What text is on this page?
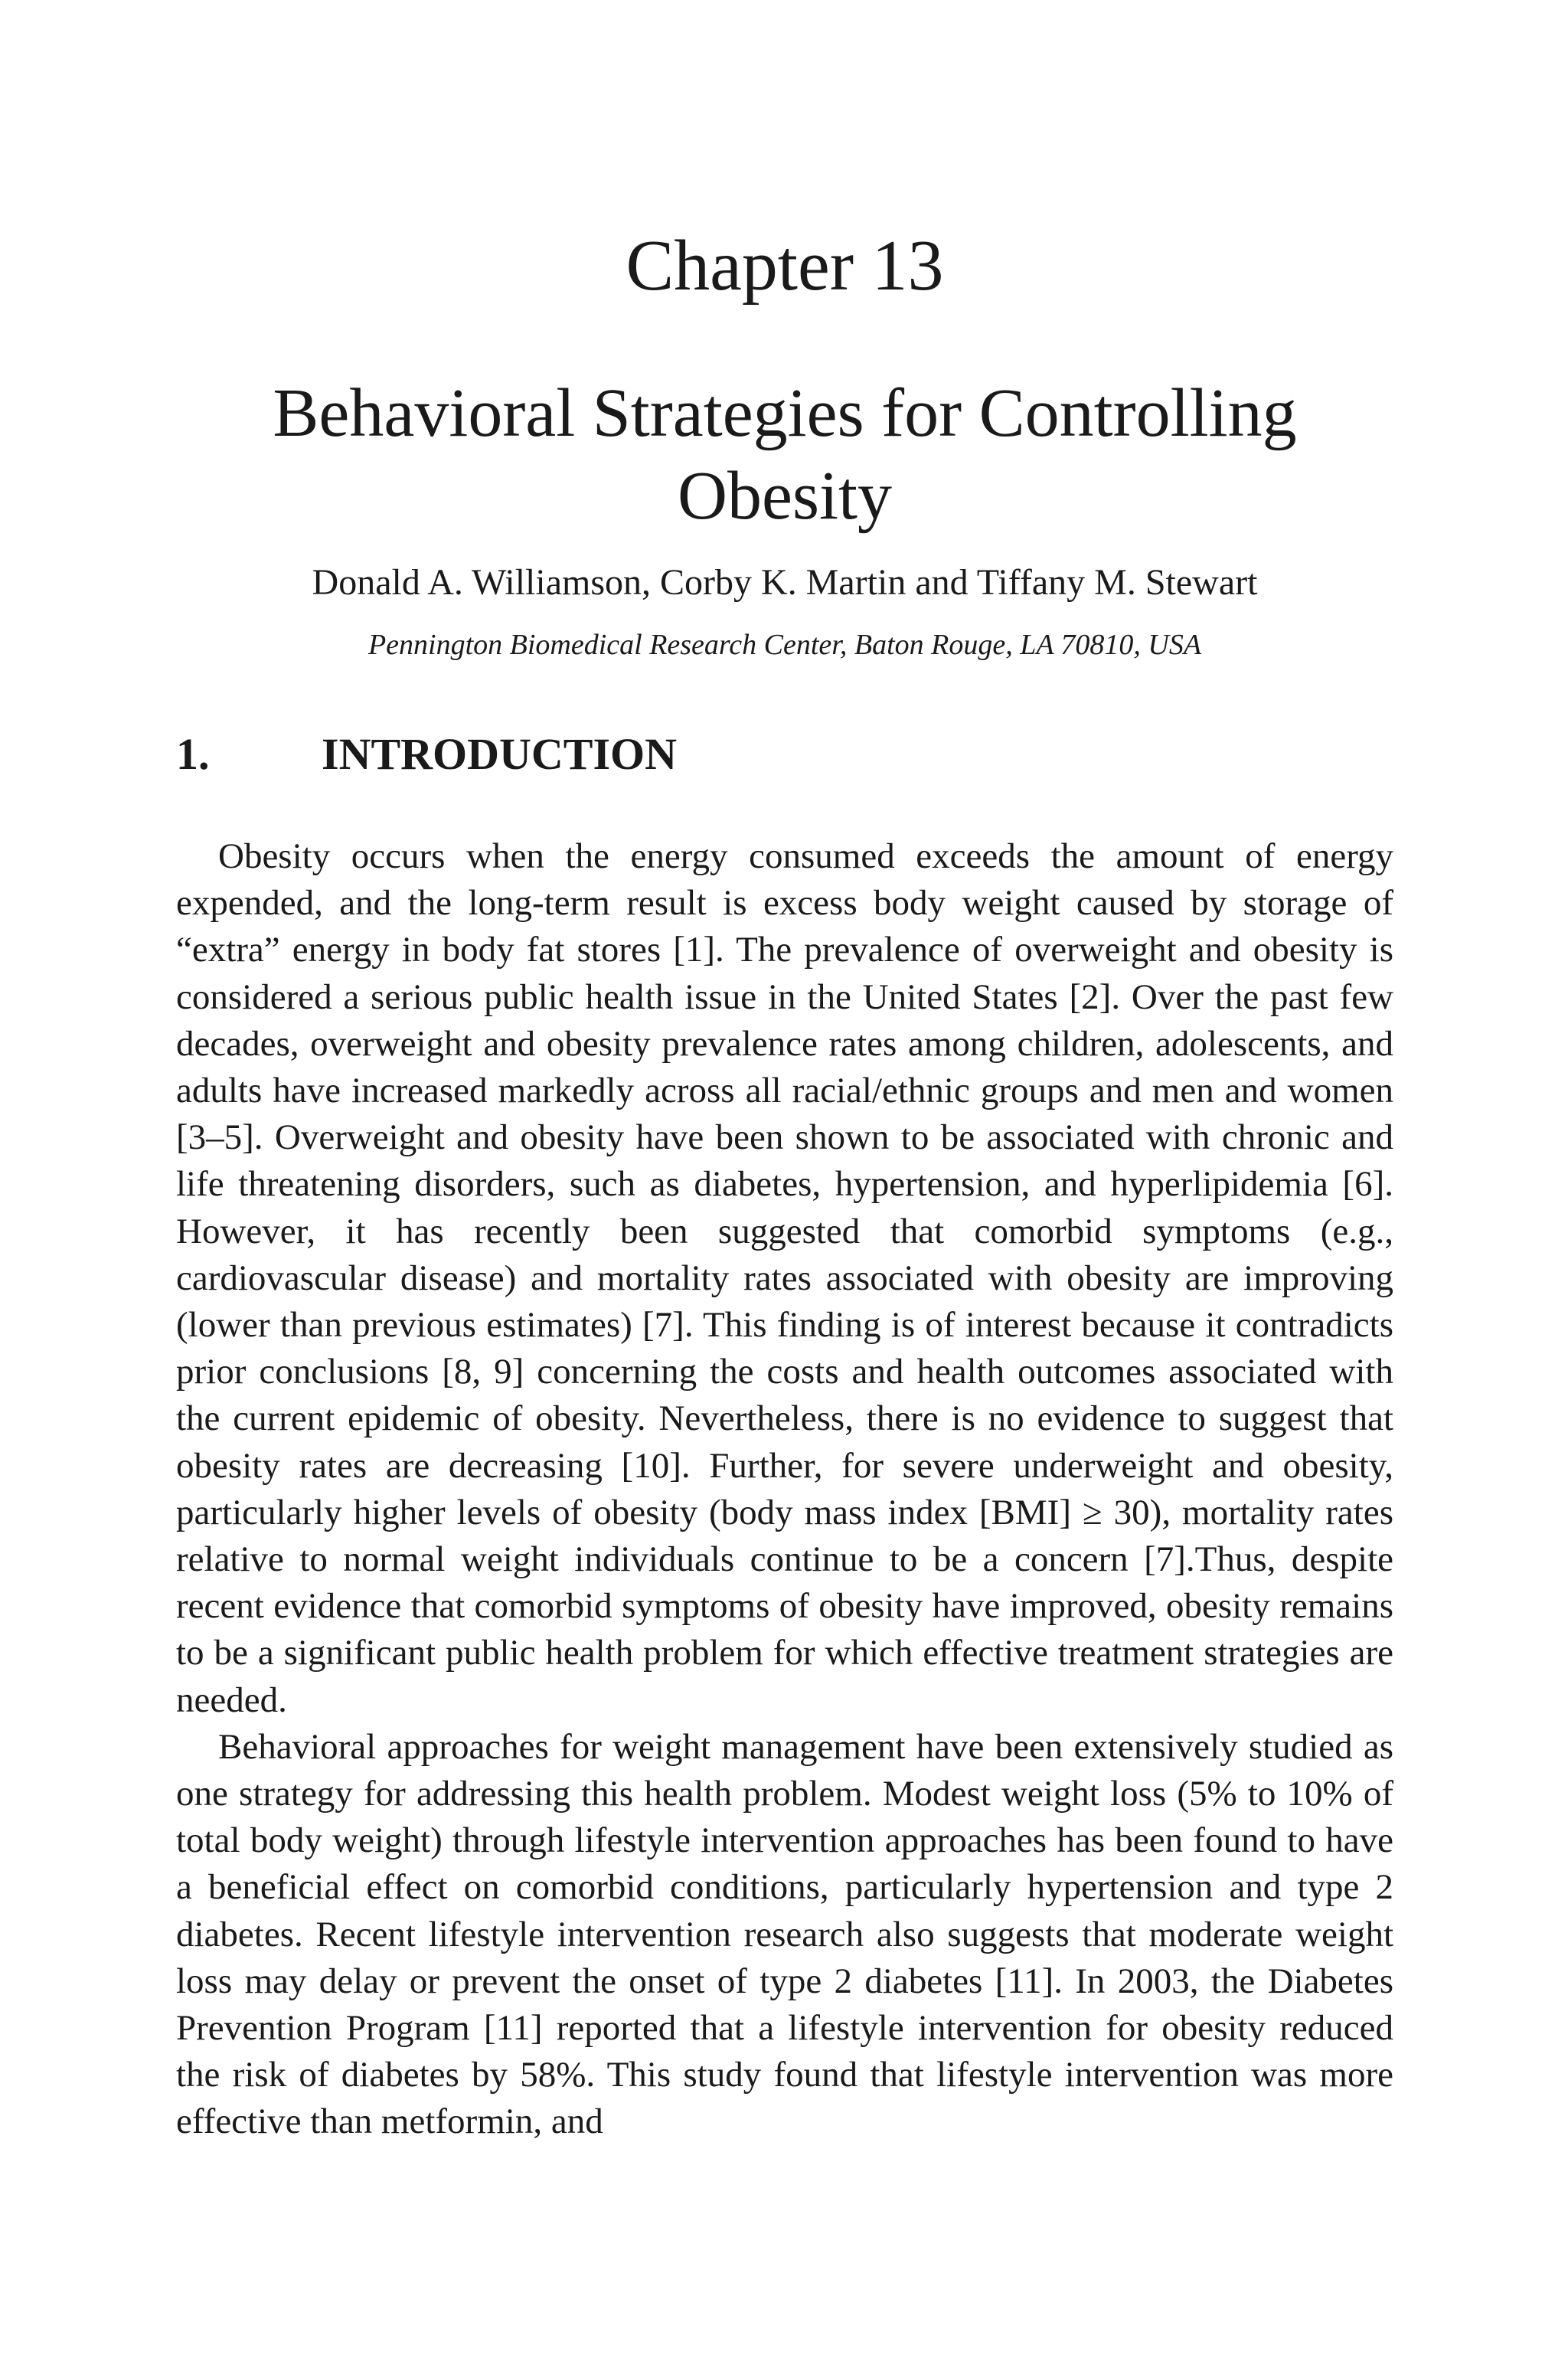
Chapter 13
Behavioral Strategies for Controlling Obesity
Donald A. Williamson, Corby K. Martin and Tiffany M. Stewart
Pennington Biomedical Research Center, Baton Rouge, LA 70810, USA
1.	INTRODUCTION

Obesity occurs when the energy consumed exceeds the amount of energy expended, and the long-term result is excess body weight caused by storage of “extra” energy in body fat stores [1]. The prevalence of overweight and obesity is considered a serious public health issue in the United States [2]. Over the past few decades, overweight and obesity prevalence rates among children, adolescents, and adults have increased markedly across all racial/ethnic groups and men and women [3–5]. Overweight and obesity have been shown to be associated with chronic and life threatening disorders, such as diabetes, hypertension, and hyperlipidemia [6]. However, it has recently been suggested that comorbid symptoms (e.g., cardiovascular disease) and mortality rates associated with obesity are improving (lower than previous estimates) [7]. This finding is of interest because it contradicts prior conclusions [8, 9] concerning the costs and health outcomes associated with the current epidemic of obesity. Nevertheless, there is no evidence to suggest that obesity rates are decreasing [10]. Further, for severe underweight and obesity, particularly higher levels of obesity (body mass index [BMI] ≥ 30), mortality rates relative to normal weight individuals continue to be a concern [7].Thus, despite recent evidence that comorbid symptoms of obesity have improved, obesity remains to be a significant public health problem for which effective treatment strategies are needed.

Behavioral approaches for weight management have been extensively studied as one strategy for addressing this health problem. Modest weight loss (5% to 10% of total body weight) through lifestyle intervention approaches has been found to have a beneficial effect on comorbid conditions, particularly hypertension and type 2 diabetes. Recent lifestyle intervention research also suggests that moderate weight loss may delay or prevent the onset of type 2 diabetes [11]. In 2003, the Diabetes Prevention Program [11] reported that a lifestyle intervention for obesity reduced the risk of diabetes by 58%. This study found that lifestyle intervention was more effective than metformin, and
